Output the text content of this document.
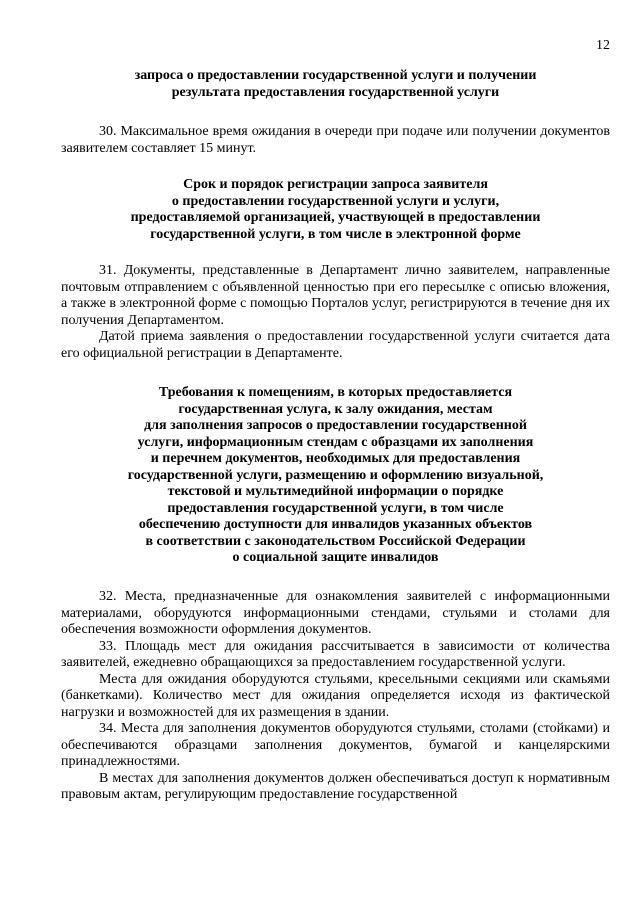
12

запроса о предоставлении государственной услуги и получении
результата предоставления государственной услуги

30. Максимальное время ожидания в очереди при подаче или получении документов заявителем составляет 15 минут.

Срок и порядок регистрации запроса заявителя
о предоставлении государственной услуги и услуги,
предоставляемой организацией, участвующей в предоставлении
государственной услуги, в том числе в электронной форме

31. Документы, представленные в Департамент лично заявителем, направленные почтовым отправлением с объявленной ценностью при его пересылке с описью вложения, а также в электронной форме с помощью Порталов услуг, регистрируются в течение дня их получения Департаментом.

Датой приема заявления о предоставлении государственной услуги считается дата его официальной регистрации в Департаменте.

Требования к помещениям, в которых предоставляется
государственная услуга, к залу ожидания, местам
для заполнения запросов о предоставлении государственной
услуги, информационным стендам с образцами их заполнения
и перечнем документов, необходимых для предоставления
государственной услуги, размещению и оформлению визуальной,
текстовой и мультимедийной информации о порядке
предоставления государственной услуги, в том числе
обеспечению доступности для инвалидов указанных объектов
в соответствии с законодательством Российской Федерации
о социальной защите инвалидов

32. Места, предназначенные для ознакомления заявителей с информационными материалами, оборудуются информационными стендами, стульями и столами для обеспечения возможности оформления документов.

33. Площадь мест для ожидания рассчитывается в зависимости от количества заявителей, ежедневно обращающихся за предоставлением государственной услуги.

Места для ожидания оборудуются стульями, кресельными секциями или скамьями (банкетками). Количество мест для ожидания определяется исходя из фактической нагрузки и возможностей для их размещения в здании.

34. Места для заполнения документов оборудуются стульями, столами (стойками) и обеспечиваются образцами заполнения документов, бумагой и канцелярскими принадлежностями.

В местах для заполнения документов должен обеспечиваться доступ к нормативным правовым актам, регулирующим предоставление государственной
